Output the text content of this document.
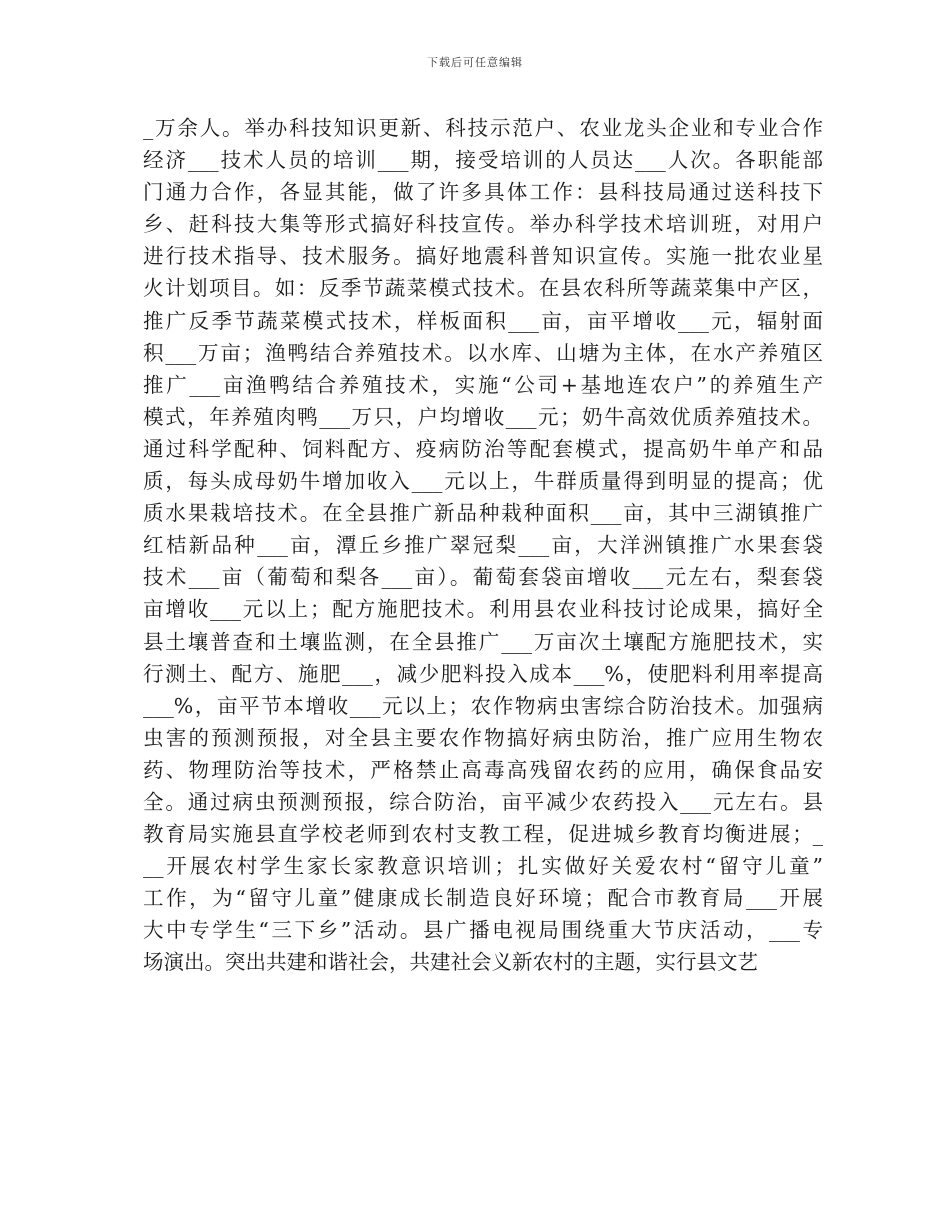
下载后可任意编辑
_万余人。举办科技知识更新、科技示范户、农业龙头企业和专业合作
经济___技术人员的培训___期，接受培训的人员达___人次。各职能部
门通力合作，各显其能，做了许多具体工作：县科技局通过送科技下
乡、赶科技大集等形式搞好科技宣传。举办科学技术培训班，对用户
进行技术指导、技术服务。搞好地震科普知识宣传。实施一批农业星
火计划项目。如：反季节蔬菜模式技术。在县农科所等蔬菜集中产区，
推广反季节蔬菜模式技术，样板面积___亩，亩平增收___元，辐射面
积___万亩；渔鸭结合养殖技术。以水库、山塘为主体，在水产养殖区
推广___亩渔鸭结合养殖技术，实施“公司+基地连农户”的养殖生产
模式，年养殖肉鸭___万只，户均增收___元；奶牛高效优质养殖技术。
通过科学配种、饲料配方、疫病防治等配套模式，提高奶牛单产和品
质，每头成母奶牛增加收入___元以上，牛群质量得到明显的提高；优
质水果栽培技术。在全县推广新品种栽种面积___亩，其中三湖镇推广
红桔新品种___亩，潭丘乡推广翠冠梨___亩，大洋洲镇推广水果套袋
技术___亩（葡萄和梨各___亩）。葡萄套袋亩增收___元左右，梨套袋
亩增收___元以上；配方施肥技术。利用县农业科技讨论成果，搞好全
县土壤普查和土壤监测，在全县推广___万亩次土壤配方施肥技术，实
行测土、配方、施肥___，减少肥料投入成本___%，使肥料利用率提高
___%，亩平节本增收___元以上；农作物病虫害综合防治技术。加强病
虫害的预测预报，对全县主要农作物搞好病虫防治，推广应用生物农
药、物理防治等技术，严格禁止高毒高残留农药的应用，确保食品安
全。通过病虫预测预报，综合防治，亩平减少农药投入___元左右。县
教育局实施县直学校老师到农村支教工程，促进城乡教育均衡进展；_
__开展农村学生家长家教意识培训；扎实做好关爱农村“留守儿童”
工作，为“留守儿童”健康成长制造良好环境；配合市教育局___开展
大中专学生“三下乡”活动。县广播电视局围绕重大节庆活动，___专
场演出。突出共建和谐社会，共建社会义新农村的主题，实行县文艺
